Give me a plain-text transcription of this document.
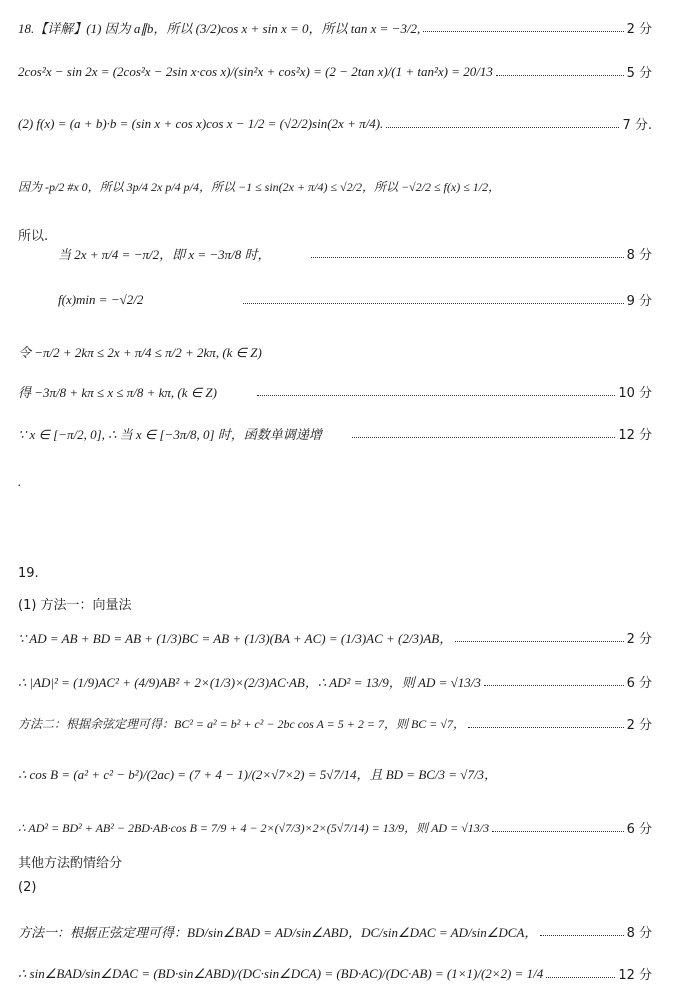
18.【详解】(1) 因为 a∥b，所以 (3/2)cos x + sin x = 0，所以 tan x = −3/2,	2 分
2cos²x − sin 2x = (2cos²x − 2sin x·cos x)/(sin²x + cos²x) = (2 − 2tan x)/(1 + tan²x) = 20/13	5 分
(2) f(x) = (a + b)·b = (sin x + cos x)cos x − 1/2 = (√2/2)sin(2x + π/4).	7 分.
因为 -p/2 #x 0，所以 3p/4 2x p/4 p/4，所以 −1 ≤ sin(2x + π/4) ≤ √2/2，所以 −√2/2 ≤ f(x) ≤ 1/2，
所以.
当 2x + π/4 = −π/2，即 x = −3π/8 时，	8 分
f(x)min = −√2/2	9 分
令 −π/2 + 2kπ ≤ 2x + π/4 ≤ π/2 + 2kπ, (k ∈ Z)
得 −3π/8 + kπ ≤ x ≤ π/8 + kπ, (k ∈ Z)	10 分
∵ x ∈ [−π/2, 0], ∴ 当 x ∈ [−3π/8, 0] 时，函数单调递增	12 分
.
19.
(1) 方法一：向量法
∵ AD = AB + BD = AB + (1/3)BC = AB + (1/3)(BA + AC) = (1/3)AC + (2/3)AB，	2 分
∴ |AD|² = (1/9)AC² + (4/9)AB² + 2×(1/3)×(2/3)AC·AB，∴ AD² = 13/9，则 AD = √13/3	6 分
方法二：根据余弦定理可得：BC² = a² = b² + c² − 2bc cos A = 5 + 2 = 7，则 BC = √7，	2 分
∴ cos B = (a² + c² − b²)/(2ac) = (7 + 4 − 1)/(2×√7×2) = 5√7/14，且 BD = BC/3 = √7/3，
∴ AD² = BD² + AB² − 2BD·AB·cos B = 7/9 + 4 − 2×(√7/3)×2×(5√7/14) = 13/9，则 AD = √13/3	6 分
其他方法酌情给分
(2)
方法一：根据正弦定理可得：BD/sin∠BAD = AD/sin∠ABD，DC/sin∠DAC = AD/sin∠DCA，	8 分
∴ sin∠BAD/sin∠DAC = (BD·sin∠ABD)/(DC·sin∠DCA) = (BD·AC)/(DC·AB) = (1×1)/(2×2) = 1/4	12 分
